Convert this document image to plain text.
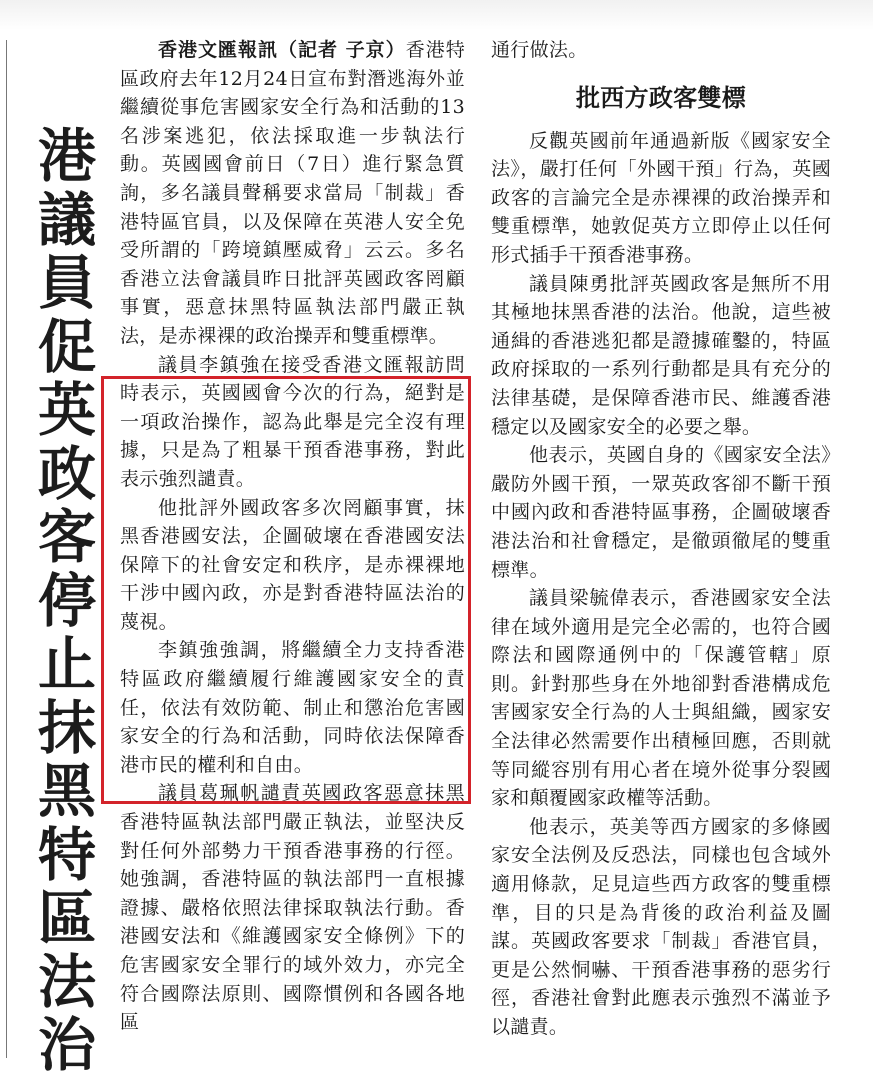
港議員促英政客停止抹黑特區法治

香港文匯報訊（記者 子京）香港特區政府去年12月24日宣布對潛逃海外並繼續從事危害國家安全行為和活動的13名涉案逃犯，依法採取進一步執法行動。英國國會前日（7日）進行緊急質詢，多名議員聲稱要求當局「制裁」香港特區官員，以及保障在英港人安全免受所謂的「跨境鎮壓威脅」云云。多名香港立法會議員昨日批評英國政客罔顧事實，惡意抹黑特區執法部門嚴正執法，是赤裸裸的政治操弄和雙重標準。

議員李鎮強在接受香港文匯報訪問時表示，英國國會今次的行為，絕對是一項政治操作，認為此舉是完全沒有理據，只是為了粗暴干預香港事務，對此表示強烈譴責。

他批評外國政客多次罔顧事實，抹黑香港國安法，企圖破壞在香港國安法保障下的社會安定和秩序，是赤裸裸地干涉中國內政，亦是對香港特區法治的蔑視。

李鎮強強調，將繼續全力支持香港特區政府繼續履行維護國家安全的責任，依法有效防範、制止和懲治危害國家安全的行為和活動，同時依法保障香港市民的權利和自由。

議員葛珮帆譴責英國政客惡意抹黑香港特區執法部門嚴正執法，並堅決反對任何外部勢力干預香港事務的行徑。她強調，香港特區的執法部門一直根據證據、嚴格依照法律採取執法行動。香港國安法和《維護國家安全條例》下的危害國家安全罪行的域外效力，亦完全符合國際法原則、國際慣例和各國各地區

通行做法。

批西方政客雙標

反觀英國前年通過新版《國家安全法》，嚴打任何「外國干預」行為，英國政客的言論完全是赤裸裸的政治操弄和雙重標準，她敦促英方立即停止以任何形式插手干預香港事務。

議員陳勇批評英國政客是無所不用其極地抹黑香港的法治。他說，這些被通緝的香港逃犯都是證據確鑿的，特區政府採取的一系列行動都是具有充分的法律基礎，是保障香港市民、維護香港穩定以及國家安全的必要之舉。

他表示，英國自身的《國家安全法》嚴防外國干預，一眾英政客卻不斷干預中國內政和香港特區事務，企圖破壞香港法治和社會穩定，是徹頭徹尾的雙重標準。

議員梁毓偉表示，香港國家安全法律在域外適用是完全必需的，也符合國際法和國際通例中的「保護管轄」原則。針對那些身在外地卻對香港構成危害國家安全行為的人士與組織，國家安全法律必然需要作出積極回應，否則就等同縱容別有用心者在境外從事分裂國家和顛覆國家政權等活動。

他表示，英美等西方國家的多條國家安全法例及反恐法，同樣也包含域外適用條款，足見這些西方政客的雙重標準，目的只是為背後的政治利益及圖謀。英國政客要求「制裁」香港官員，更是公然恫嚇、干預香港事務的惡劣行徑，香港社會對此應表示強烈不滿並予以譴責。
